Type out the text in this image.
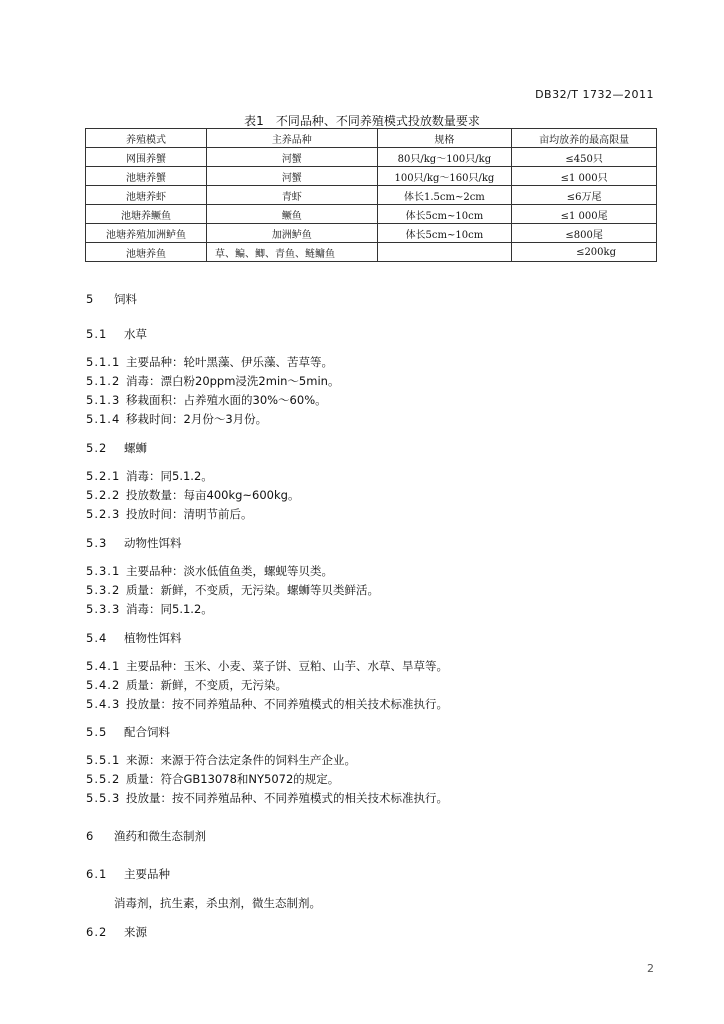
DB32/T 1732—2011
表1 不同品种、不同养殖模式投放数量要求
养殖模式	主养品种	规格	亩均放养的最高限量
网围养蟹	河蟹	80只/kg～100只/kg	≤450只
池塘养蟹	河蟹	100只/kg～160只/kg	≤1 000只
池塘养虾	青虾	体长1.5cm~2cm	≤6万尾
池塘养鳜鱼	鳜鱼	体长5cm~10cm	≤1 000尾
池塘养殖加洲鲈鱼	加洲鲈鱼	体长5cm~10cm	≤800尾
池塘养鱼	草、鳊、鲫、青鱼、鲢鳙鱼		≤200kg
5 饲料
5.1 水草
5.1.1 主要品种：轮叶黑藻、伊乐藻、苦草等。
5.1.2 消毒：漂白粉20ppm浸洗2min～5min。
5.1.3 移栽面积：占养殖水面的30%～60%。
5.1.4 移栽时间：2月份～3月份。
5.2 螺蛳
5.2.1 消毒：同5.1.2。
5.2.2 投放数量：每亩400kg~600kg。
5.2.3 投放时间：清明节前后。
5.3 动物性饵料
5.3.1 主要品种：淡水低值鱼类，螺蚬等贝类。
5.3.2 质量：新鲜，不变质，无污染。螺蛳等贝类鲜活。
5.3.3 消毒：同5.1.2。
5.4 植物性饵料
5.4.1 主要品种：玉米、小麦、菜子饼、豆粕、山芋、水草、旱草等。
5.4.2 质量：新鲜，不变质，无污染。
5.4.3 投放量：按不同养殖品种、不同养殖模式的相关技术标准执行。
5.5 配合饲料
5.5.1 来源：来源于符合法定条件的饲料生产企业。
5.5.2 质量：符合GB13078和NY5072的规定。
5.5.3 投放量：按不同养殖品种、不同养殖模式的相关技术标准执行。
6 渔药和微生态制剂
6.1 主要品种
消毒剂，抗生素，杀虫剂，微生态制剂。
6.2 来源
2
